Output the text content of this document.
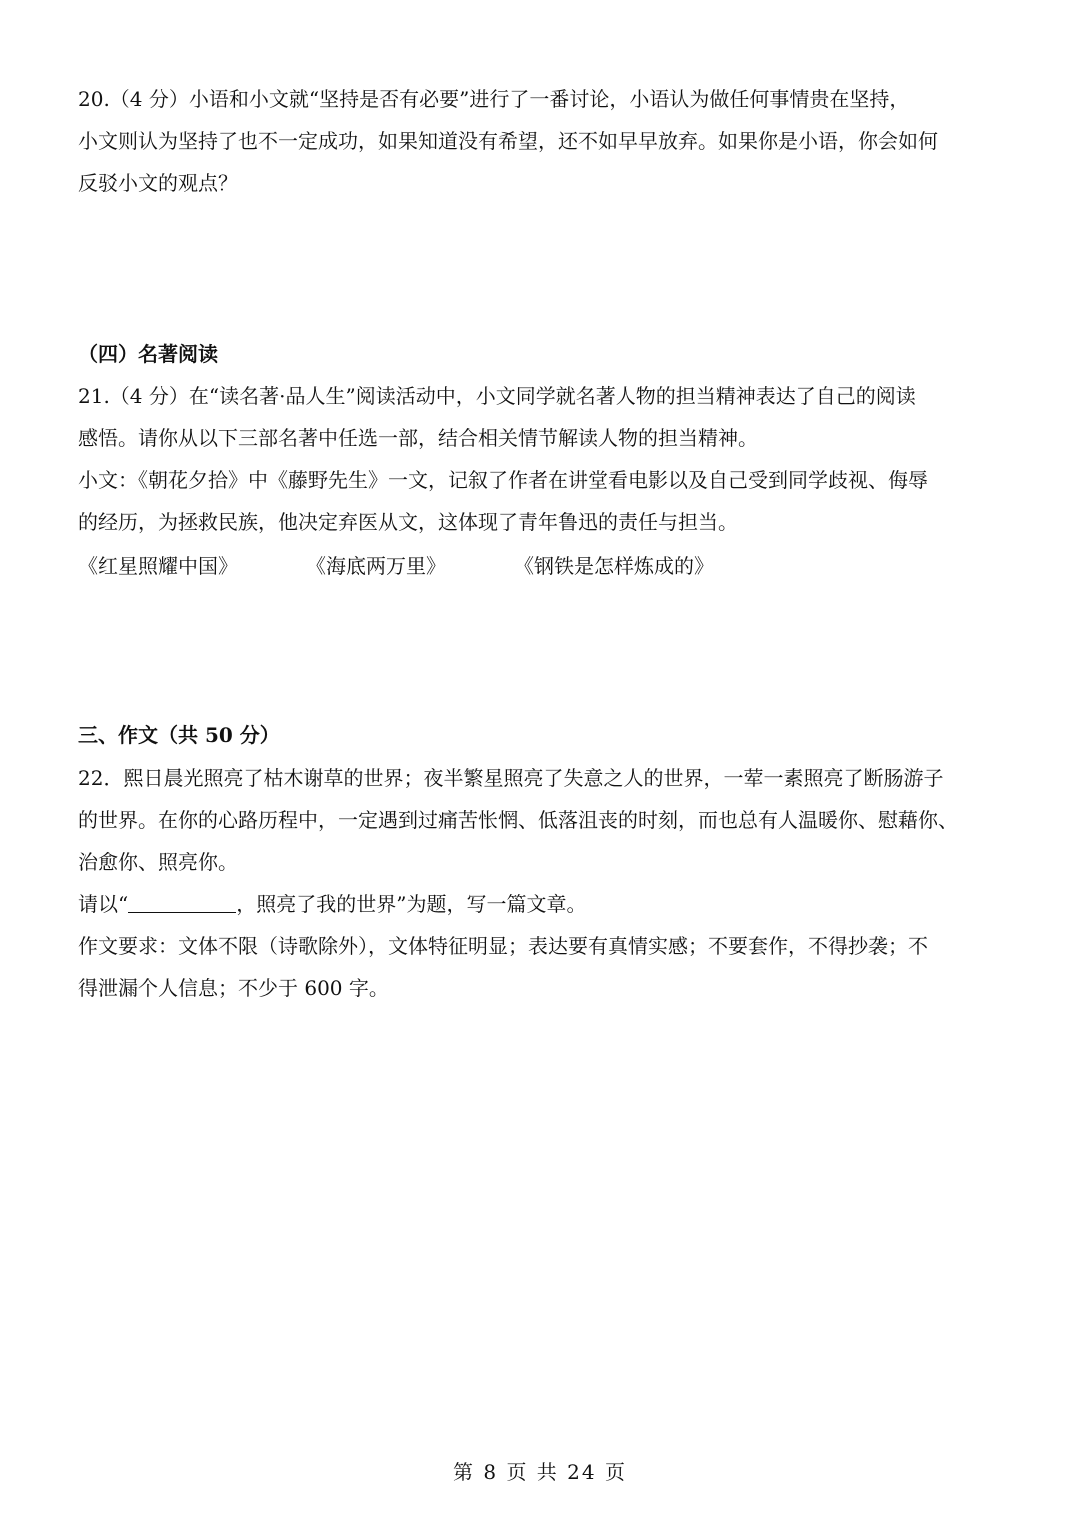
20.（4 分）小语和小文就“坚持是否有必要”进行了一番讨论，小语认为做任何事情贵在坚持，
小文则认为坚持了也不一定成功，如果知道没有希望，还不如早早放弃。如果你是小语，你会如何
反驳小文的观点？
（四）名著阅读
21.（4 分）在“读名著·品人生”阅读活动中，小文同学就名著人物的担当精神表达了自己的阅读
感悟。请你从以下三部名著中任选一部，结合相关情节解读人物的担当精神。
小文：《朝花夕拾》中《藤野先生》一文，记叙了作者在讲堂看电影以及自己受到同学歧视、侮辱
的经历，为拯救民族，他决定弃医从文，这体现了青年鲁迅的责任与担当。
《红星照耀中国》	《海底两万里》	《钢铁是怎样炼成的》
三、作文（共 50 分）
22．熙日晨光照亮了枯木谢草的世界；夜半繁星照亮了失意之人的世界，一荤一素照亮了断肠游子
的世界。在你的心路历程中，一定遇到过痛苦怅惘、低落沮丧的时刻，而也总有人温暖你、慰藉你、
治愈你、照亮你。
请以“	，照亮了我的世界”为题，写一篇文章。
作文要求：文体不限（诗歌除外），文体特征明显；表达要有真情实感；不要套作，不得抄袭；不
得泄漏个人信息；不少于 600 字。
第 8 页 共 24 页
